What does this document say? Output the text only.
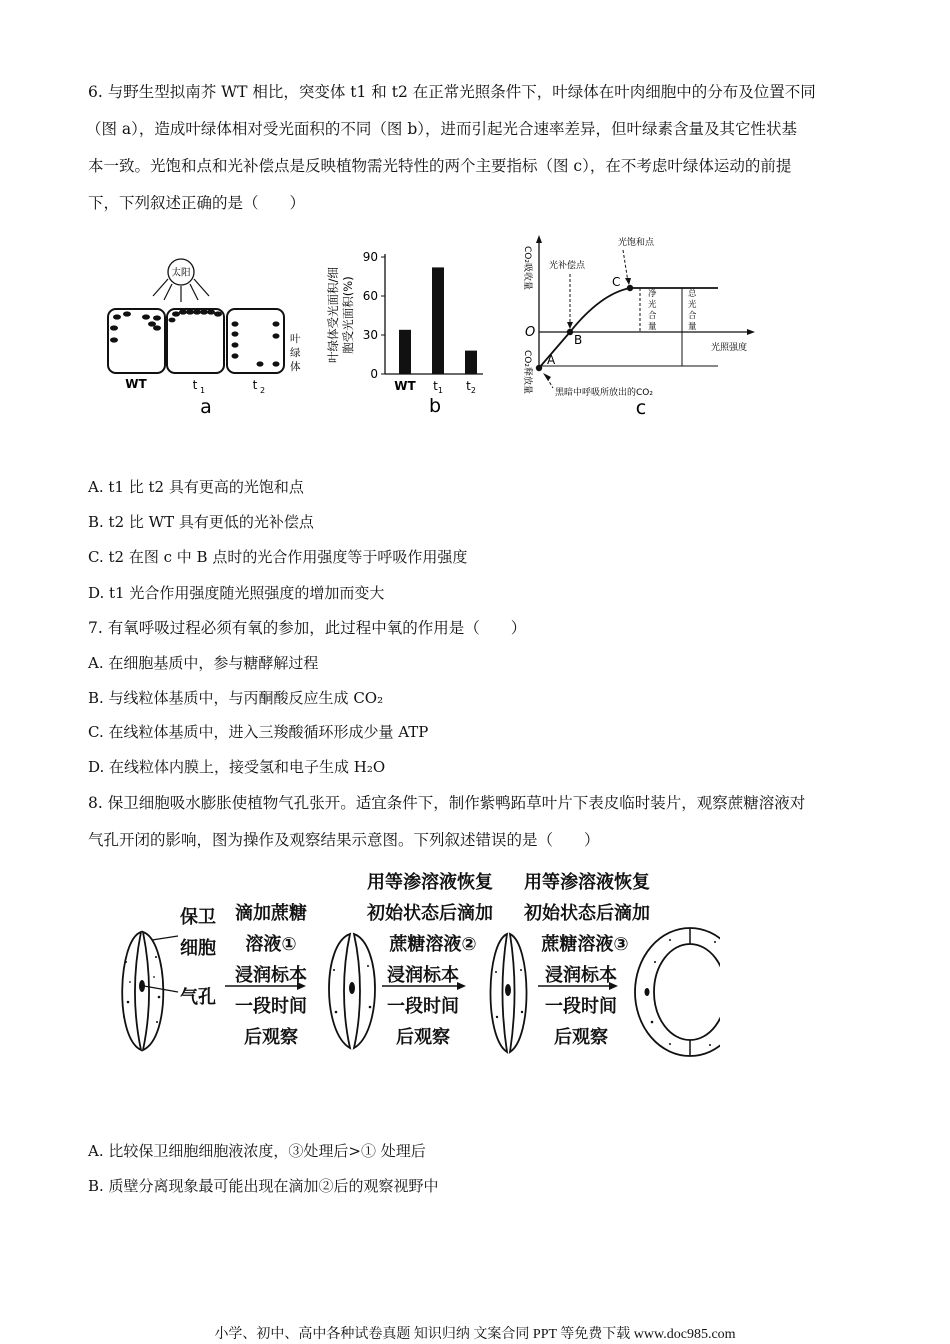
6. 与野生型拟南芥 WT 相比，突变体 t1 和 t2 在正常光照条件下，叶绿体在叶肉细胞中的分布及位置不同
（图 a），造成叶绿体相对受光面积的不同（图 b），进而引起光合速率差异，但叶绿素含量及其它性状基
本一致。光饱和点和光补偿点是反映植物需光特性的两个主要指标（图 c），在不考虑叶绿体运动的前提
下，下列叙述正确的是（　　）
太阳
叶
绿
体
WT	t 1	t 2
a
叶绿体受光面积/细 胞受光面积(%)
0
30
60
90
WT $t_1$ $t_2$
b
CO₂吸收量
CO₂释放量
O
光照强度
A
B
C
光补偿点
光饱和点
净
光
合
量
总
光
合
量
黑暗中呼吸所放出的CO₂
c
A. t1 比 t2 具有更高的光饱和点
B. t2 比 WT 具有更低的光补偿点
C. t2 在图 c 中 B 点时的光合作用强度等于呼吸作用强度
D. t1 光合作用强度随光照强度的增加而变大
7. 有氧呼吸过程必须有氧的参加，此过程中氧的作用是（　　）
A. 在细胞基质中，参与糖酵解过程
B. 与线粒体基质中，与丙酮酸反应生成 CO₂
C. 在线粒体基质中，进入三羧酸循环形成少量 ATP
D. 在线粒体内膜上，接受氢和电子生成 H₂O
8. 保卫细胞吸水膨胀使植物气孔张开。适宜条件下，制作紫鸭跖草叶片下表皮临时装片，观察蔗糖溶液对
气孔开闭的影响，图为操作及观察结果示意图。下列叙述错误的是（　　）
保卫
细胞
气孔
滴加蔗糖
溶液①
浸润标本
一段时间
后观察
用等渗溶液恢复
初始状态后滴加
蔗糖溶液②
浸润标本
一段时间
后观察
用等渗溶液恢复
初始状态后滴加
蔗糖溶液③
浸润标本
一段时间
后观察
A. 比较保卫细胞细胞液浓度，③处理后>① 处理后
B. 质壁分离现象最可能出现在滴加②后的观察视野中
小学、初中、高中各种试卷真题 知识归纳 文案合同 PPT 等免费下载 www.doc985.com
